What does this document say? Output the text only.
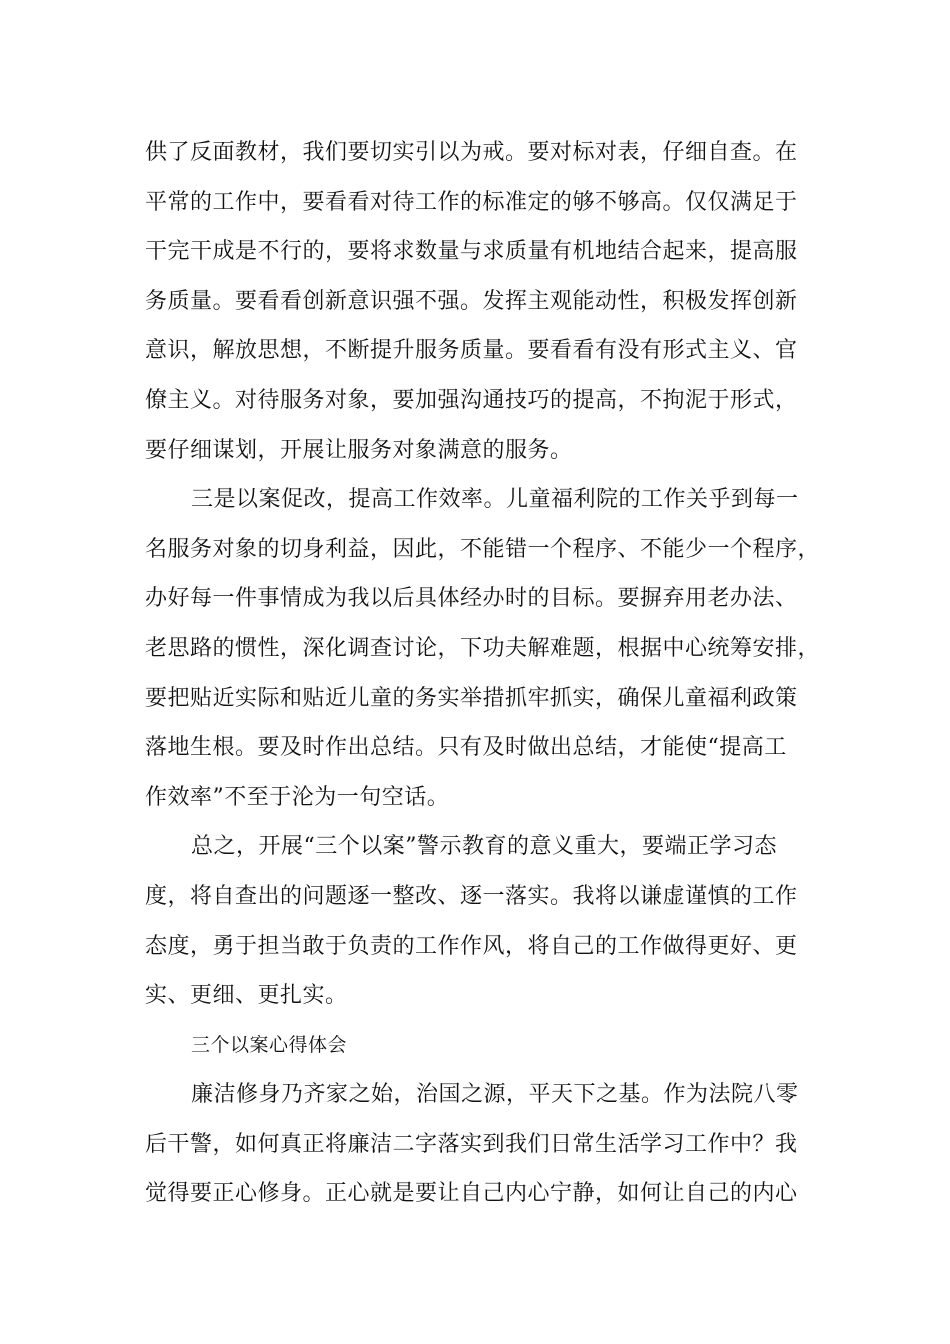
供了反面教材，我们要切实引以为戒。要对标对表，仔细自查。在
平常的工作中，要看看对待工作的标准定的够不够高。仅仅满足于
干完干成是不行的，要将求数量与求质量有机地结合起来，提高服
务质量。要看看创新意识强不强。发挥主观能动性，积极发挥创新
意识，解放思想，不断提升服务质量。要看看有没有形式主义、官
僚主义。对待服务对象，要加强沟通技巧的提高，不拘泥于形式，
要仔细谋划，开展让服务对象满意的服务。
三是以案促改，提高工作效率。儿童福利院的工作关乎到每一
名服务对象的切身利益，因此，不能错一个程序、不能少一个程序，
办好每一件事情成为我以后具体经办时的目标。要摒弃用老办法、
老思路的惯性，深化调查讨论，下功夫解难题，根据中心统筹安排，
要把贴近实际和贴近儿童的务实举措抓牢抓实，确保儿童福利政策
落地生根。要及时作出总结。只有及时做出总结，才能使“提高工
作效率”不至于沦为一句空话。
总之，开展“三个以案”警示教育的意义重大，要端正学习态
度，将自查出的问题逐一整改、逐一落实。我将以谦虚谨慎的工作
态度，勇于担当敢于负责的工作作风，将自己的工作做得更好、更
实、更细、更扎实。
三个以案心得体会
廉洁修身乃齐家之始，治国之源，平天下之基。作为法院八零
后干警，如何真正将廉洁二字落实到我们日常生活学习工作中？我
觉得要正心修身。正心就是要让自己内心宁静，如何让自己的内心
